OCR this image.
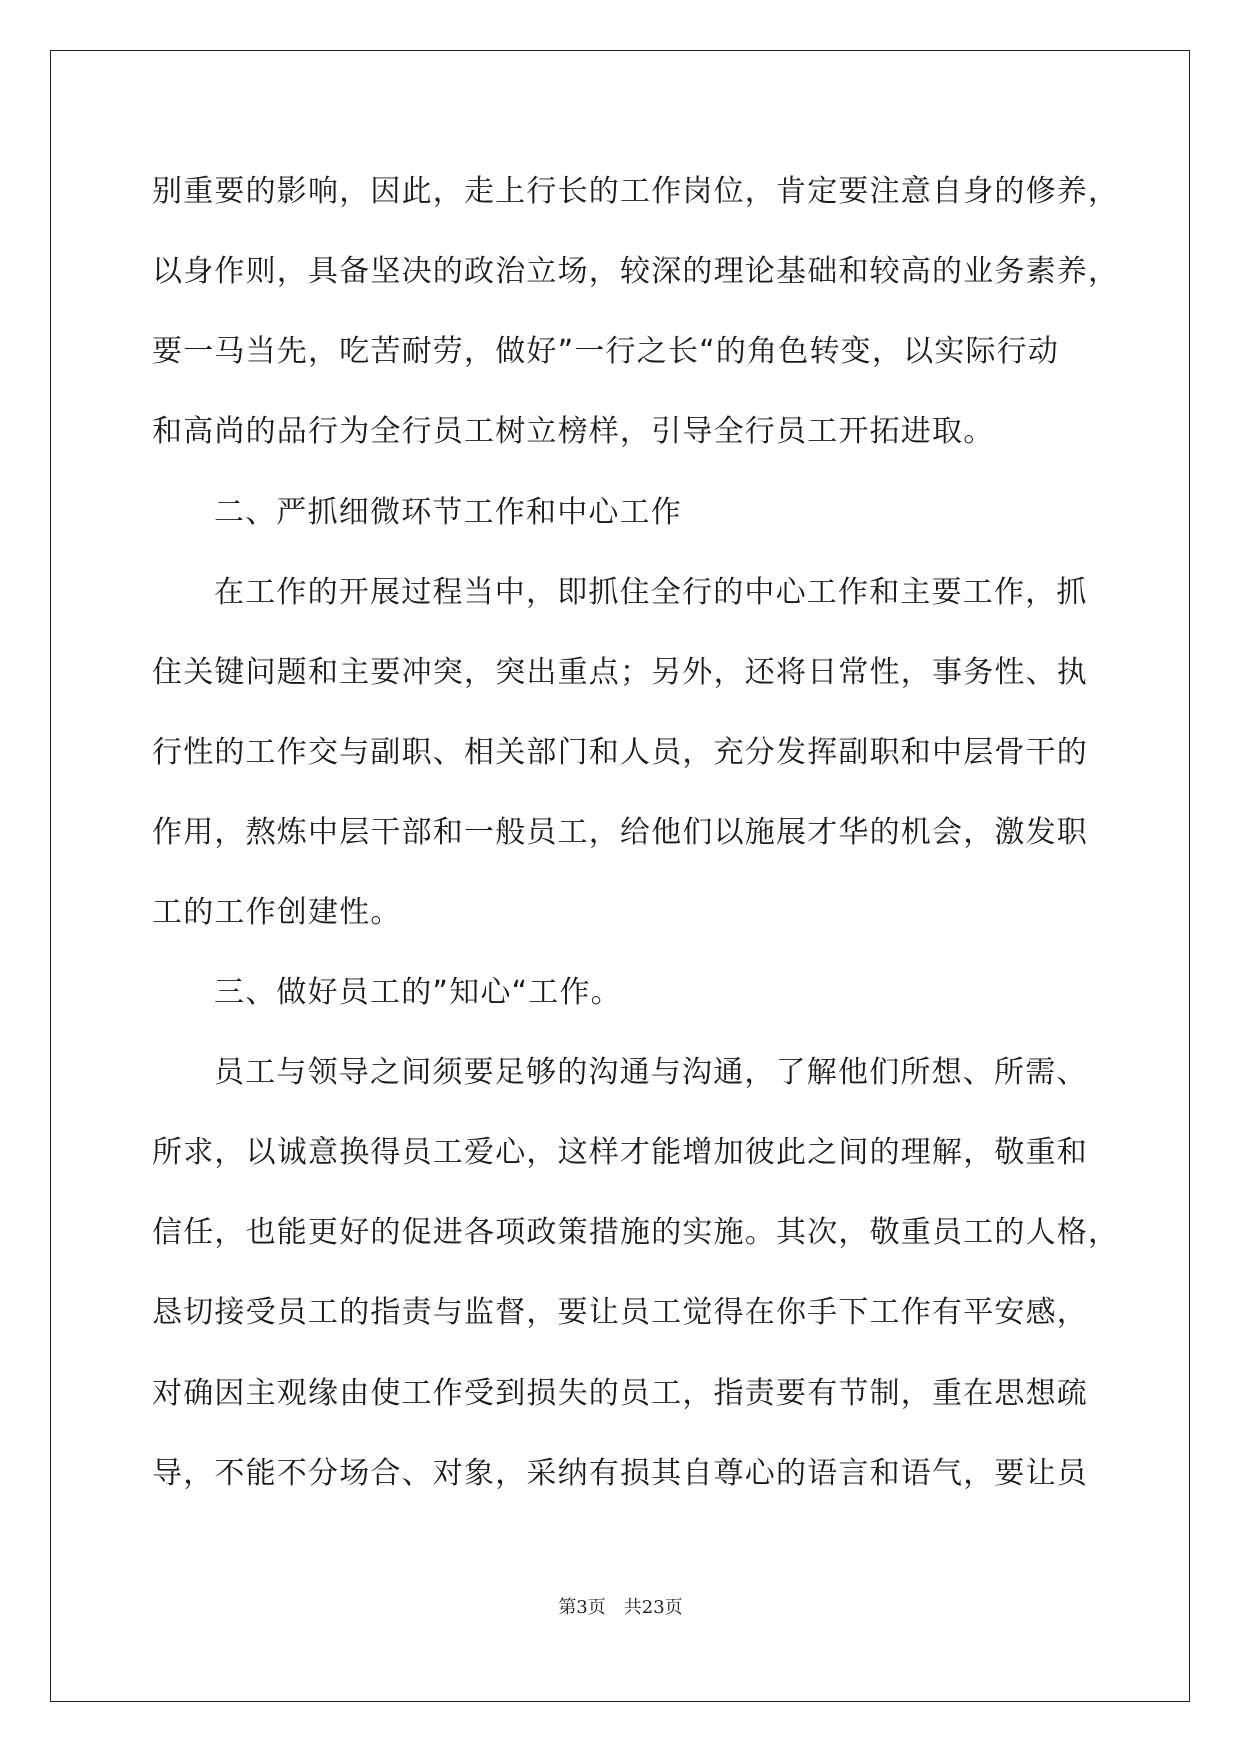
别重要的影响，因此，走上行长的工作岗位，肯定要注意自身的修养，
以身作则，具备坚决的政治立场，较深的理论基础和较高的业务素养，
要一马当先，吃苦耐劳，做好”一行之长“的角色转变，以实际行动
和高尚的品行为全行员工树立榜样，引导全行员工开拓进取。
二、严抓细微环节工作和中心工作
在工作的开展过程当中，即抓住全行的中心工作和主要工作，抓
住关键问题和主要冲突，突出重点；另外，还将日常性，事务性、执
行性的工作交与副职、相关部门和人员，充分发挥副职和中层骨干的
作用，熬炼中层干部和一般员工，给他们以施展才华的机会，激发职
工的工作创建性。
三、做好员工的”知心“工作。
员工与领导之间须要足够的沟通与沟通，了解他们所想、所需、
所求，以诚意换得员工爱心，这样才能增加彼此之间的理解，敬重和
信任，也能更好的促进各项政策措施的实施。其次，敬重员工的人格，
恳切接受员工的指责与监督，要让员工觉得在你手下工作有平安感，
对确因主观缘由使工作受到损失的员工，指责要有节制，重在思想疏
导，不能不分场合、对象，采纳有损其自尊心的语言和语气，要让员
第3页　共23页
